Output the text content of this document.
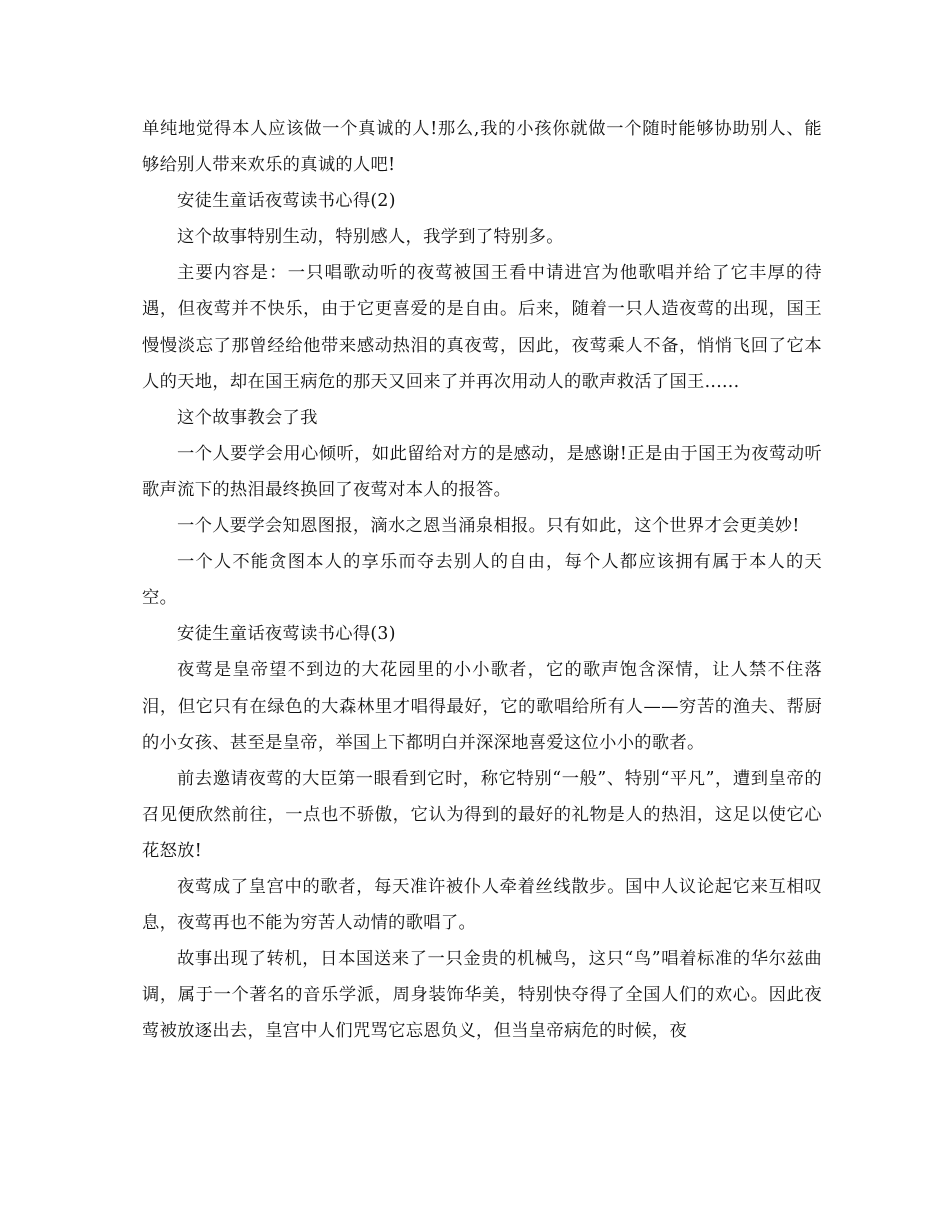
单纯地觉得本人应该做一个真诚的人!那么,我的小孩你就做一个随时能够协助别人、能够给别人带来欢乐的真诚的人吧!

安徒生童话夜莺读书心得(2)

这个故事特别生动，特别感人，我学到了特别多。

主要内容是：一只唱歌动听的夜莺被国王看中请进宫为他歌唱并给了它丰厚的待遇，但夜莺并不快乐，由于它更喜爱的是自由。后来，随着一只人造夜莺的出现，国王慢慢淡忘了那曾经给他带来感动热泪的真夜莺，因此，夜莺乘人不备，悄悄飞回了它本人的天地，却在国王病危的那天又回来了并再次用动人的歌声救活了国王......

这个故事教会了我

一个人要学会用心倾听，如此留给对方的是感动，是感谢!正是由于国王为夜莺动听歌声流下的热泪最终换回了夜莺对本人的报答。

一个人要学会知恩图报，滴水之恩当涌泉相报。只有如此，这个世界才会更美妙!

一个人不能贪图本人的享乐而夺去别人的自由，每个人都应该拥有属于本人的天空。

安徒生童话夜莺读书心得(3)

夜莺是皇帝望不到边的大花园里的小小歌者，它的歌声饱含深情，让人禁不住落泪，但它只有在绿色的大森林里才唱得最好，它的歌唱给所有人——穷苦的渔夫、帮厨的小女孩、甚至是皇帝，举国上下都明白并深深地喜爱这位小小的歌者。

前去邀请夜莺的大臣第一眼看到它时，称它特别“一般”、特别“平凡”，遭到皇帝的召见便欣然前往，一点也不骄傲，它认为得到的最好的礼物是人的热泪，这足以使它心花怒放!

夜莺成了皇宫中的歌者，每天准许被仆人牵着丝线散步。国中人议论起它来互相叹息，夜莺再也不能为穷苦人动情的歌唱了。

故事出现了转机，日本国送来了一只金贵的机械鸟，这只“鸟”唱着标准的华尔兹曲调，属于一个著名的音乐学派，周身装饰华美，特别快夺得了全国人们的欢心。因此夜莺被放逐出去，皇宫中人们咒骂它忘恩负义，但当皇帝病危的时候，夜
